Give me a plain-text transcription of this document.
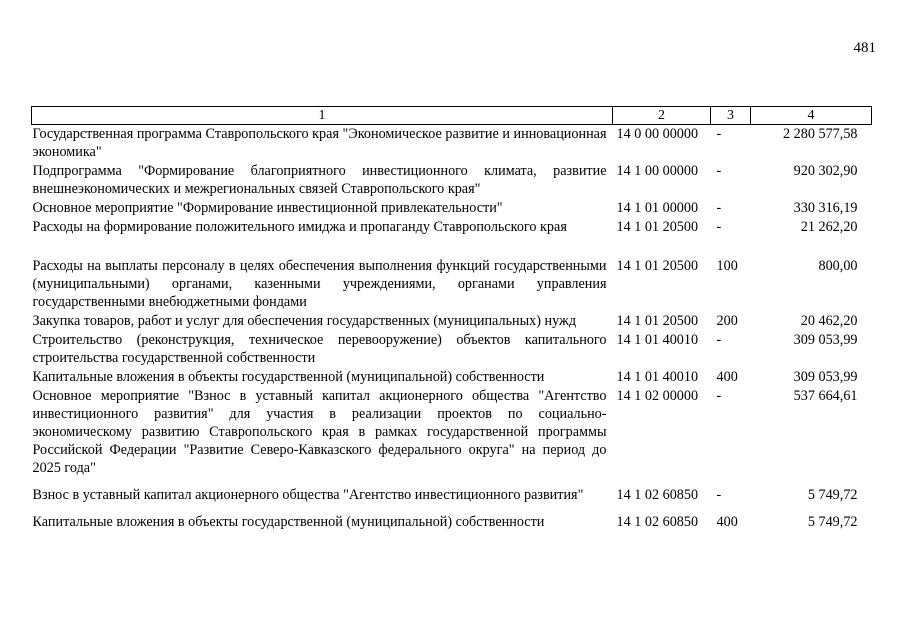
481
1	2	3	4
Государственная программа Ставропольского края "Экономическое развитие и инновационная экономика"	14 0 00 00000	-	2 280 577,58
Подпрограмма "Формирование благоприятного инвестиционного климата, развитие внешнеэкономических и межрегиональных связей Ставропольского края"	14 1 00 00000	-	920 302,90
Основное мероприятие "Формирование инвестиционной привлекательности"	14 1 01 00000	-	330 316,19
Расходы на формирование положительного имиджа и пропаганду Ставропольского края	14 1 01 20500	-	21 262,20
Расходы на выплаты персоналу в целях обеспечения выполнения функций государственными (муниципальными) органами, казенными учреждениями, органами управления государственными внебюджетными фондами	14 1 01 20500	100	800,00
Закупка товаров, работ и услуг для обеспечения государственных (муниципальных) нужд	14 1 01 20500	200	20 462,20
Строительство (реконструкция, техническое перевооружение) объектов капитального строительства государственной собственности	14 1 01 40010	-	309 053,99
Капитальные вложения в объекты государственной (муниципальной) собственности	14 1 01 40010	400	309 053,99
Основное мероприятие "Взнос в уставный капитал акционерного общества "Агентство инвестиционного развития" для участия в реализации проектов по социально-экономическому развитию Ставропольского края в рамках государственной программы Российской Федерации "Развитие Северо-Кавказского федерального округа" на период до 2025 года"	14 1 02 00000	-	537 664,61
Взнос в уставный капитал акционерного общества "Агентство инвестиционного развития"	14 1 02 60850	-	5 749,72
Капитальные вложения в объекты государственной (муниципальной) собственности	14 1 02 60850	400	5 749,72
